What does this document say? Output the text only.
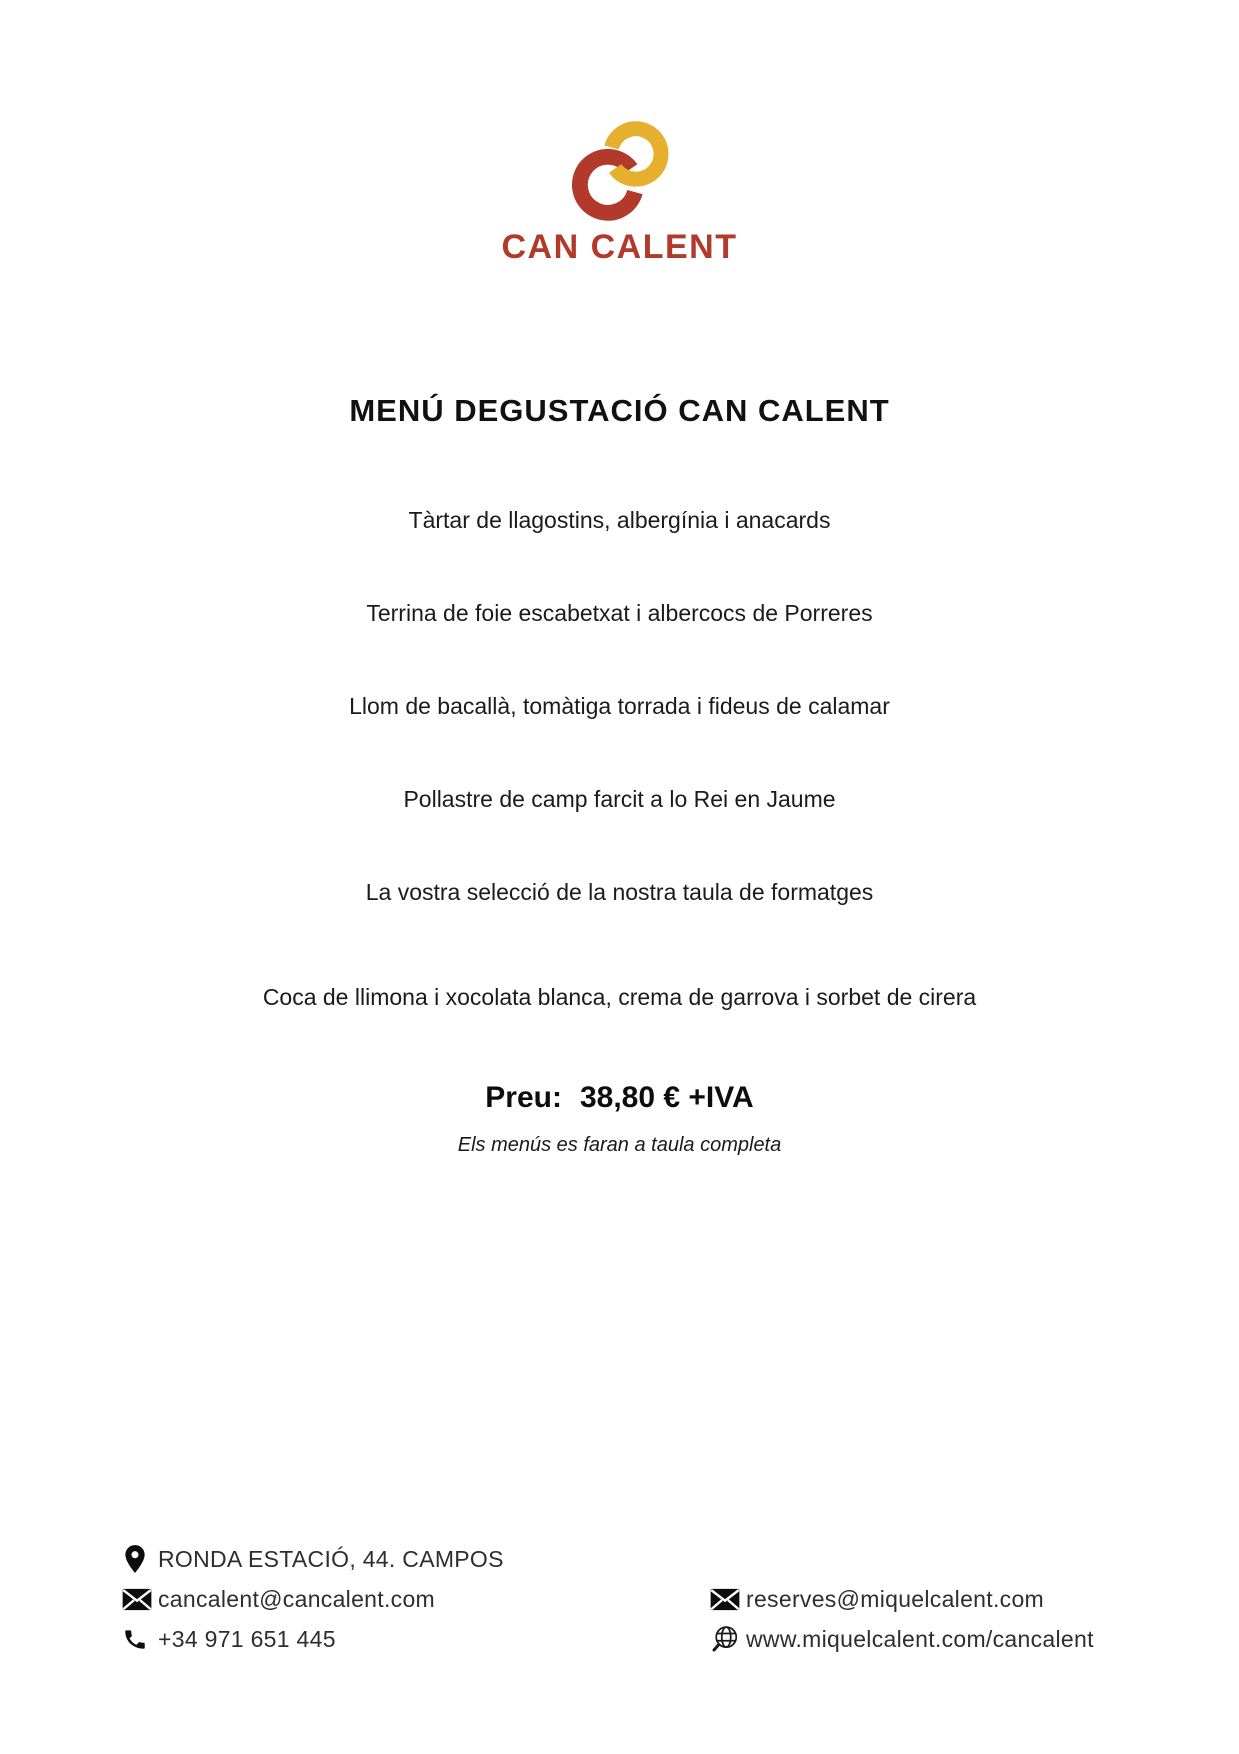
CAN CALENT
MENÚ DEGUSTACIÓ CAN CALENT

Tàrtar de llagostins, albergínia i anacards

Terrina de foie escabetxat i albercocs de Porreres

Llom de bacallà, tomàtiga torrada i fideus de calamar

Pollastre de camp farcit a lo Rei en Jaume

La vostra selecció de la nostra taula de formatges

Coca de llimona i xocolata blanca, crema de garrova i sorbet de cirera

Preu: 38,80 € +IVA

Els menús es faran a taula completa

RONDA ESTACIÓ, 44. CAMPOS
cancalent@cancalent.com
+34 971 651 445
reserves@miquelcalent.com
www.miquelcalent.com/cancalent
